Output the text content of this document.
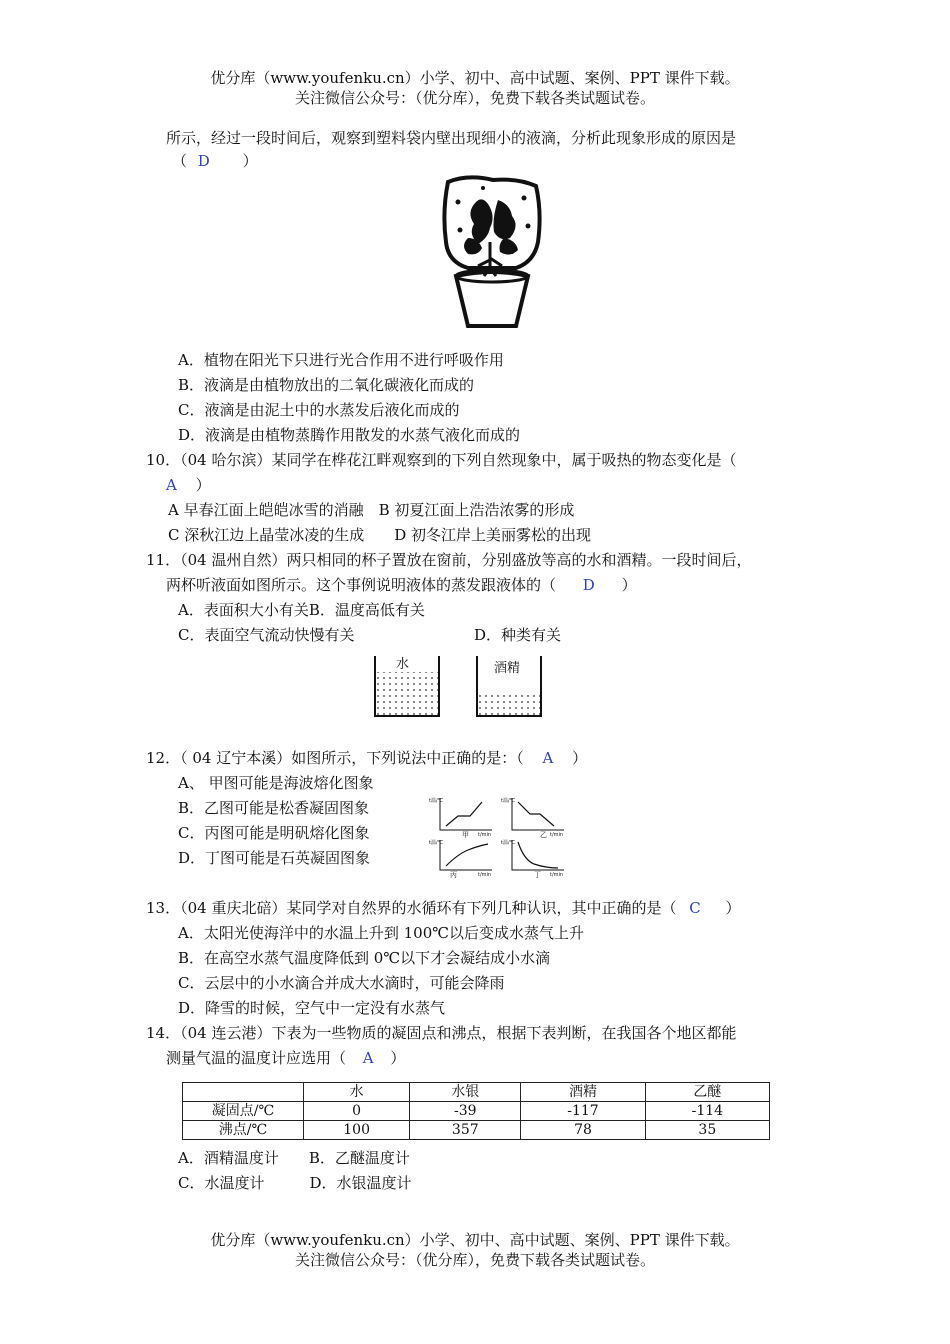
优分库（www.youfenku.cn）小学、初中、高中试题、案例、PPT 课件下载。
关注微信公众号：（优分库），免费下载各类试题试卷。
所示，经过一段时间后，观察到塑料袋内壁出现细小的液滴，分析此现象形成的原因是
（ D ）
A．植物在阳光下只进行光合作用不进行呼吸作用
B．液滴是由植物放出的二氧化碳液化而成的
C．液滴是由泥土中的水蒸发后液化而成的
D．液滴是由植物蒸腾作用散发的水蒸气液化而成的
10．（04 哈尔滨）某同学在桦花江畔观察到的下列自然现象中，属于吸热的物态变化是（
A ）
A 早春江面上皑皑冰雪的消融　B 初夏江面上浩浩浓雾的形成
C 深秋江边上晶莹冰凌的生成　　D 初冬江岸上美丽雾松的出现
11．（04 温州自然）两只相同的杯子置放在窗前，分别盛放等高的水和酒精。一段时间后，
两杯听液面如图所示。这个事例说明液体的蒸发跟液体的（ D ）
A．表面积大小有关B．温度高低有关
C．表面空气流动快慢有关	D．种类有关
水	酒精
12．（ 04 辽宁本溪）如图所示，下列说法中正确的是：（ A ）
A、 甲图可能是海波熔化图象
B．乙图可能是松香凝固图象
C．丙图可能是明矾熔化图象
D．丁图可能是石英凝固图象
t温/℃
t/min
甲
t温/℃
t/min
乙
t温/℃
t/min
丙
t温/℃
t/min
丁
13．（04 重庆北碚）某同学对自然界的水循环有下列几种认识，其中正确的是（ C ）
A．太阳光使海洋中的水温上升到 100℃以后变成水蒸气上升
B．在高空水蒸气温度降低到 0℃以下才会凝结成小水滴
C．云层中的小水滴合并成大水滴时，可能会降雨
D．降雪的时候，空气中一定没有水蒸气
14．（04 连云港）下表为一些物质的凝固点和沸点，根据下表判断，在我国各个地区都能
测量气温的温度计应选用（ A ）
	水	水银	酒精	乙醚
凝固点/℃	0	-39	-117	-114
沸点/℃	100	357	78	35
A．酒精温度计　　B．乙醚温度计
C．水温度计　　　D．水银温度计
优分库（www.youfenku.cn）小学、初中、高中试题、案例、PPT 课件下载。
关注微信公众号：（优分库），免费下载各类试题试卷。
